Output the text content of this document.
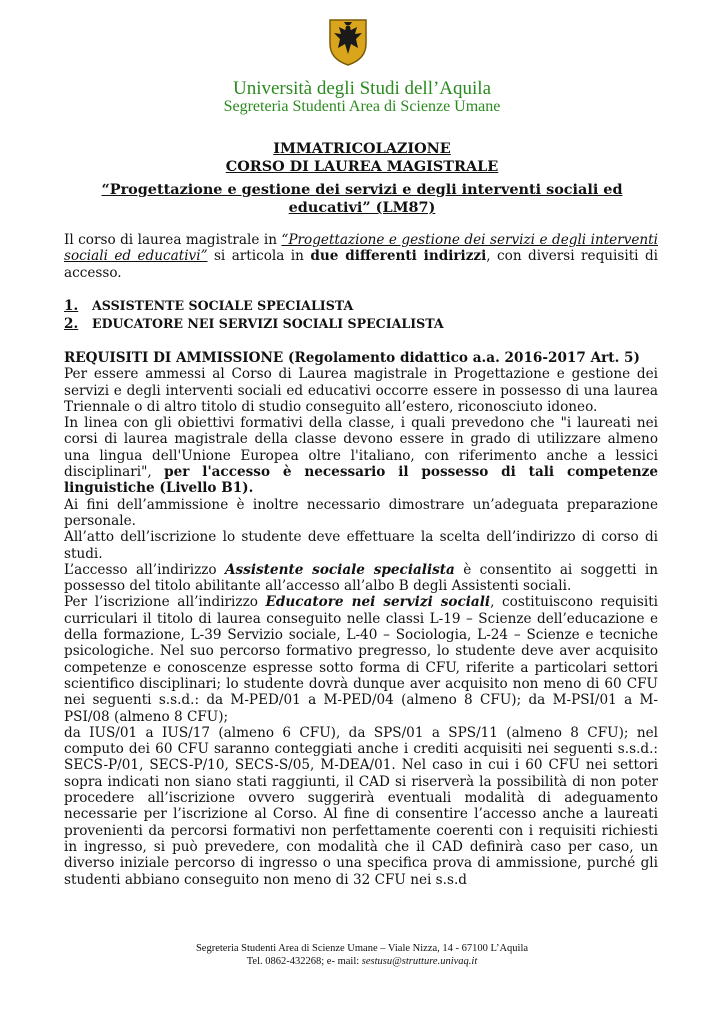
Università degli Studi dell’Aquila
Segreteria Studenti Area di Scienze Umane
IMMATRICOLAZIONE
CORSO DI LAUREA MAGISTRALE
“Progettazione e gestione dei servizi e degli interventi sociali ed
educativi” (LM87)
Il corso di laurea magistrale in “Progettazione e gestione dei servizi e degli interventi sociali ed educativi” si articola in due differenti indirizzi, con diversi requisiti di accesso.
1. ASSISTENTE SOCIALE SPECIALISTA
2. EDUCATORE NEI SERVIZI SOCIALI SPECIALISTA

REQUISITI DI AMMISSIONE (Regolamento didattico a.a. 2016-2017 Art. 5)

Per essere ammessi al Corso di Laurea magistrale in Progettazione e gestione dei servizi e degli interventi sociali ed educativi occorre essere in possesso di una laurea Triennale o di altro titolo di studio conseguito all’estero, riconosciuto idoneo.

In linea con gli obiettivi formativi della classe, i quali prevedono che "i laureati nei corsi di laurea magistrale della classe devono essere in grado di utilizzare almeno una lingua dell'Unione Europea oltre l'italiano, con riferimento anche a lessici disciplinari", per l'accesso è necessario il possesso di tali competenze linguistiche (Livello B1).

Ai fini dell’ammissione è inoltre necessario dimostrare un’adeguata preparazione personale.

All’atto dell’iscrizione lo studente deve effettuare la scelta dell’indirizzo di corso di studi.

L’accesso all’indirizzo Assistente sociale specialista è consentito ai soggetti in possesso del titolo abilitante all’accesso all’albo B degli Assistenti sociali.

Per l’iscrizione all’indirizzo Educatore nei servizi sociali, costituiscono requisiti curriculari il titolo di laurea conseguito nelle classi L-19 – Scienze dell’educazione e della formazione, L-39 Servizio sociale, L-40 – Sociologia, L-24 – Scienze e tecniche psicologiche. Nel suo percorso formativo pregresso, lo studente deve aver acquisito competenze e conoscenze espresse sotto forma di CFU, riferite a particolari settori scientifico disciplinari; lo studente dovrà dunque aver acquisito non meno di 60 CFU nei seguenti s.s.d.: da M-PED/01 a M-PED/04 (almeno 8 CFU); da M-PSI/01 a M-PSI/08 (almeno 8 CFU);

da IUS/01 a IUS/17 (almeno 6 CFU), da SPS/01 a SPS/11 (almeno 8 CFU); nel computo dei 60 CFU saranno conteggiati anche i crediti acquisiti nei seguenti s.s.d.: SECS-P/01, SECS-P/10, SECS-S/05, M-DEA/01. Nel caso in cui i 60 CFU nei settori sopra indicati non siano stati raggiunti, il CAD si riserverà la possibilità di non poter procedere all’iscrizione ovvero suggerirà eventuali modalità di adeguamento necessarie per l’iscrizione al Corso. Al fine di consentire l’accesso anche a laureati provenienti da percorsi formativi non perfettamente coerenti con i requisiti richiesti in ingresso, si può prevedere, con modalità che il CAD definirà caso per caso, un diverso iniziale percorso di ingresso o una specifica prova di ammissione, purché gli studenti abbiano conseguito non meno di 32 CFU nei s.s.d

Segreteria Studenti Area di Scienze Umane – Viale Nizza, 14 - 67100 L’Aquila
Tel. 0862-432268; e- mail: sestusu@strutture.univaq.it
